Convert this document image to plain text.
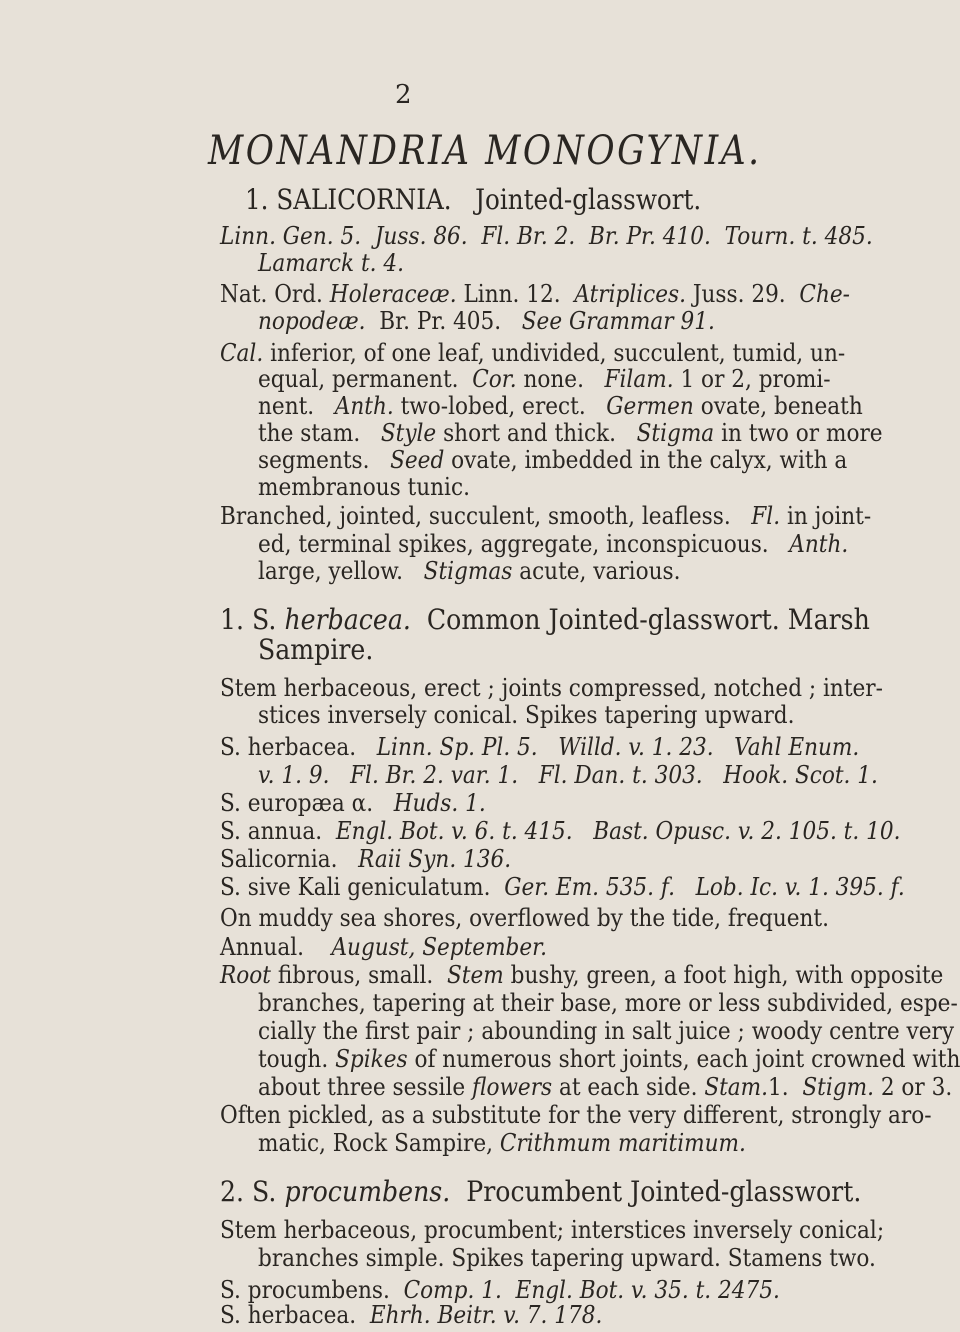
2
MONANDRIA MONOGYNIA.
1. SALICORNIA. Jointed-glasswort.
Linn. Gen. 5. Juss. 86. Fl. Br. 2. Br. Pr. 410. Tourn. t. 485.
Lamarck t. 4.
Nat. Ord. Holeraceæ. Linn. 12. Atriplices. Juss. 29. Che-
nopodeæ. Br. Pr. 405. See Grammar 91.
Cal. inferior, of one leaf, undivided, succulent, tumid, un-
equal, permanent. Cor. none. Filam. 1 or 2, promi-
nent. Anth. two-lobed, erect. Germen ovate, beneath
the stam. Style short and thick. Stigma in two or more
segments. Seed ovate, imbedded in the calyx, with a
membranous tunic.
Branched, jointed, succulent, smooth, leafless. Fl. in joint-
ed, terminal spikes, aggregate, inconspicuous. Anth.
large, yellow. Stigmas acute, various.
1. S. herbacea. Common Jointed-glasswort. Marsh
Sampire.
Stem herbaceous, erect ; joints compressed, notched ; inter-
stices inversely conical. Spikes tapering upward.
S. herbacea. Linn. Sp. Pl. 5. Willd. v. 1. 23. Vahl Enum.
v. 1. 9. Fl. Br. 2. var. 1. Fl. Dan. t. 303. Hook. Scot. 1.
S. europæa α. Huds. 1.
S. annua. Engl. Bot. v. 6. t. 415. Bast. Opusc. v. 2. 105. t. 10.
Salicornia. Raii Syn. 136.
S. sive Kali geniculatum. Ger. Em. 535. f. Lob. Ic. v. 1. 395. f.
On muddy sea shores, overflowed by the tide, frequent.
Annual. August, September.
Root fibrous, small. Stem bushy, green, a foot high, with opposite
branches, tapering at their base, more or less subdivided, espe-
cially the first pair ; abounding in salt juice ; woody centre very
tough. Spikes of numerous short joints, each joint crowned with
about three sessile flowers at each side. Stam.1. Stigm. 2 or 3.
Often pickled, as a substitute for the very different, strongly aro-
matic, Rock Sampire, Crithmum maritimum.
2. S. procumbens. Procumbent Jointed-glasswort.
Stem herbaceous, procumbent; interstices inversely conical;
branches simple. Spikes tapering upward. Stamens two.
S. procumbens. Comp. 1. Engl. Bot. v. 35. t. 2475.
S. herbacea. Ehrh. Beitr. v. 7. 178.
